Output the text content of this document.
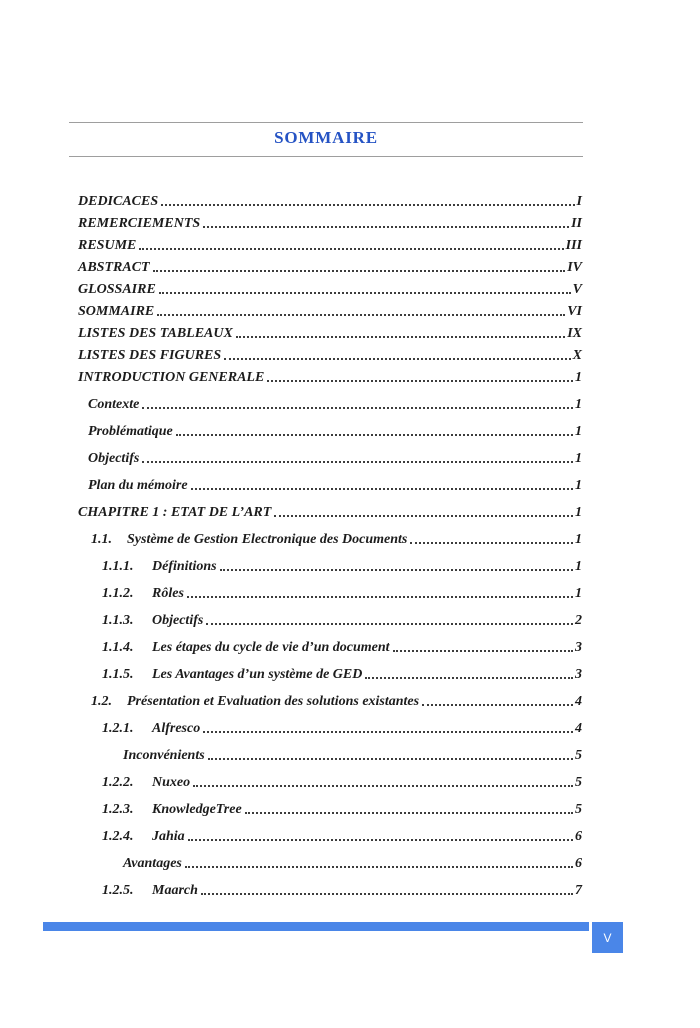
SOMMAIRE
DEDICACES	I
REMERCIEMENTS	II
RESUME	III
ABSTRACT	IV
GLOSSAIRE	V
SOMMAIRE	VI
LISTES DES TABLEAUX	IX
LISTES DES FIGURES	X
INTRODUCTION GENERALE	1
Contexte	1
Problématique	1
Objectifs	1
Plan du mémoire	1
CHAPITRE 1 : ETAT DE L’ART	1
1.1.	Système de Gestion Electronique des Documents	1
1.1.1.	Définitions	1
1.1.2.	Rôles	1
1.1.3.	Objectifs	2
1.1.4.	Les étapes du cycle de vie d’un document	3
1.1.5.	Les Avantages d’un système de GED	3
1.2.	Présentation et Evaluation des solutions existantes	4
1.2.1.	Alfresco	4
Inconvénients	5
1.2.2.	Nuxeo	5
1.2.3.	KnowledgeTree	5
1.2.4.	Jahia	6
Avantages	6
1.2.5.	Maarch	7
V
